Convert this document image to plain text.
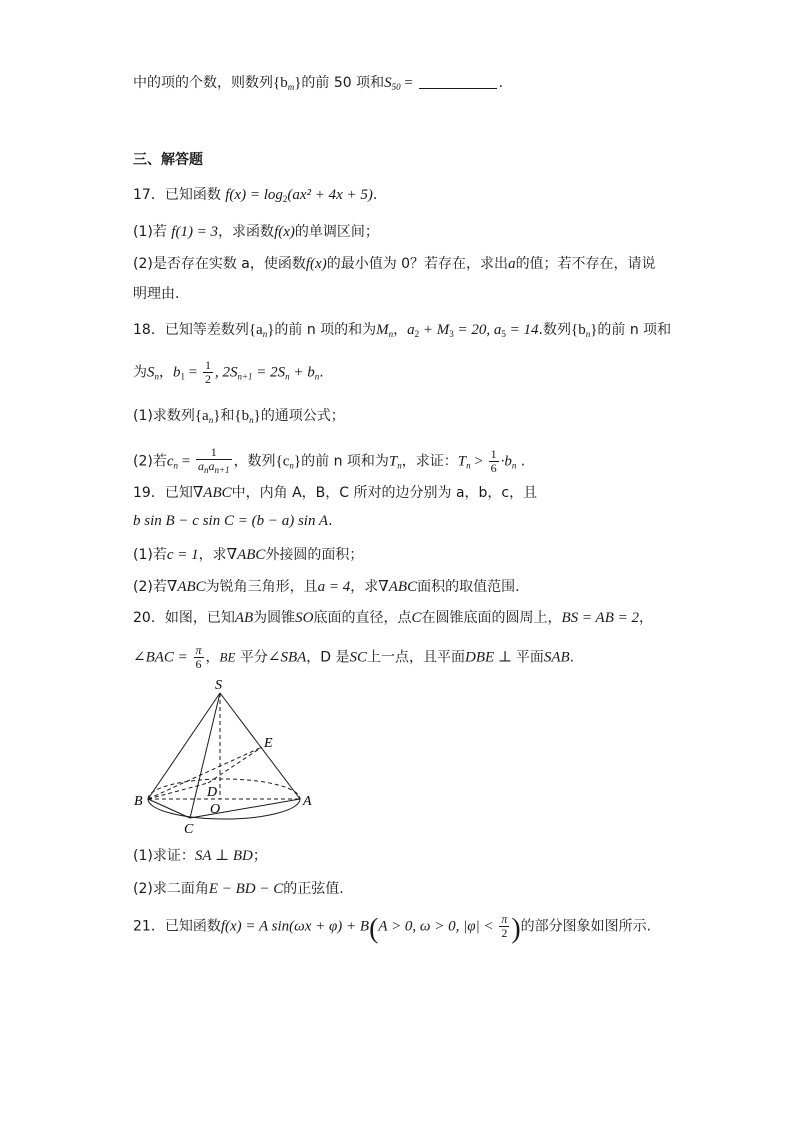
中的项的个数，则数列$\{b_m\}$的前 50 项和$S_{50}$ =	.
三、解答题
17．已知函数 $f(x) = \log_2(ax^2 + 4x + 5)$.
(1)若 f(1) = 3，求函数f(x)的单调区间；
(2)是否存在实数 a，使函数f(x)的最小值为 0？若存在，求出a的值；若不存在，请说
明理由.
18．已知等差数列$\{a_n\}$的前 n 项的和为$M_n$，$a_2 + M_3 = 20$, $a_5 = 14$.数列$\{b_n\}$的前 n 项和
为$S_n$，$b_1 = \frac{1}{2}$ , $2S_{n+1} = 2S_n + b_n$.
(1)求数列$\{a_n\}$和$\{b_n\}$的通项公式；
(2)若$c_n = \frac{1}{a_na_{n+1}}$ ，数列$\{c_n\}$的前 n 项和为$T_n$，求证：$T_n > \frac{1}{6} \cdot b_n$ .
19．已知∇ABC中，内角 A，B，C 所对的边分别为 a，b，c，且
b sin B − c sin C = (b − a) sin A.
(1)若c = 1，求∇ABC外接圆的面积；
(2)若∇ABC为锐角三角形，且a = 4，求∇ABC面积的取值范围.
20．如图，已知AB为圆锥SO底面的直径，点C在圆锥底面的圆周上，BS = AB = 2，
∠BAC = $\frac{\pi}{6}$ ，BE 平分∠SBA，D 是SC上一点，且平面DBE ⊥ 平面SAB.
S
E
D
B	A
O
C
(1)求证：SA ⊥ BD；
(2)求二面角E − BD − C的正弦值.
21．已知函数f(x) = A sin(ωx + φ) + B(A > 0, ω > 0, $|\varphi| < \frac{\pi}{2}$ )的部分图象如图所示.
